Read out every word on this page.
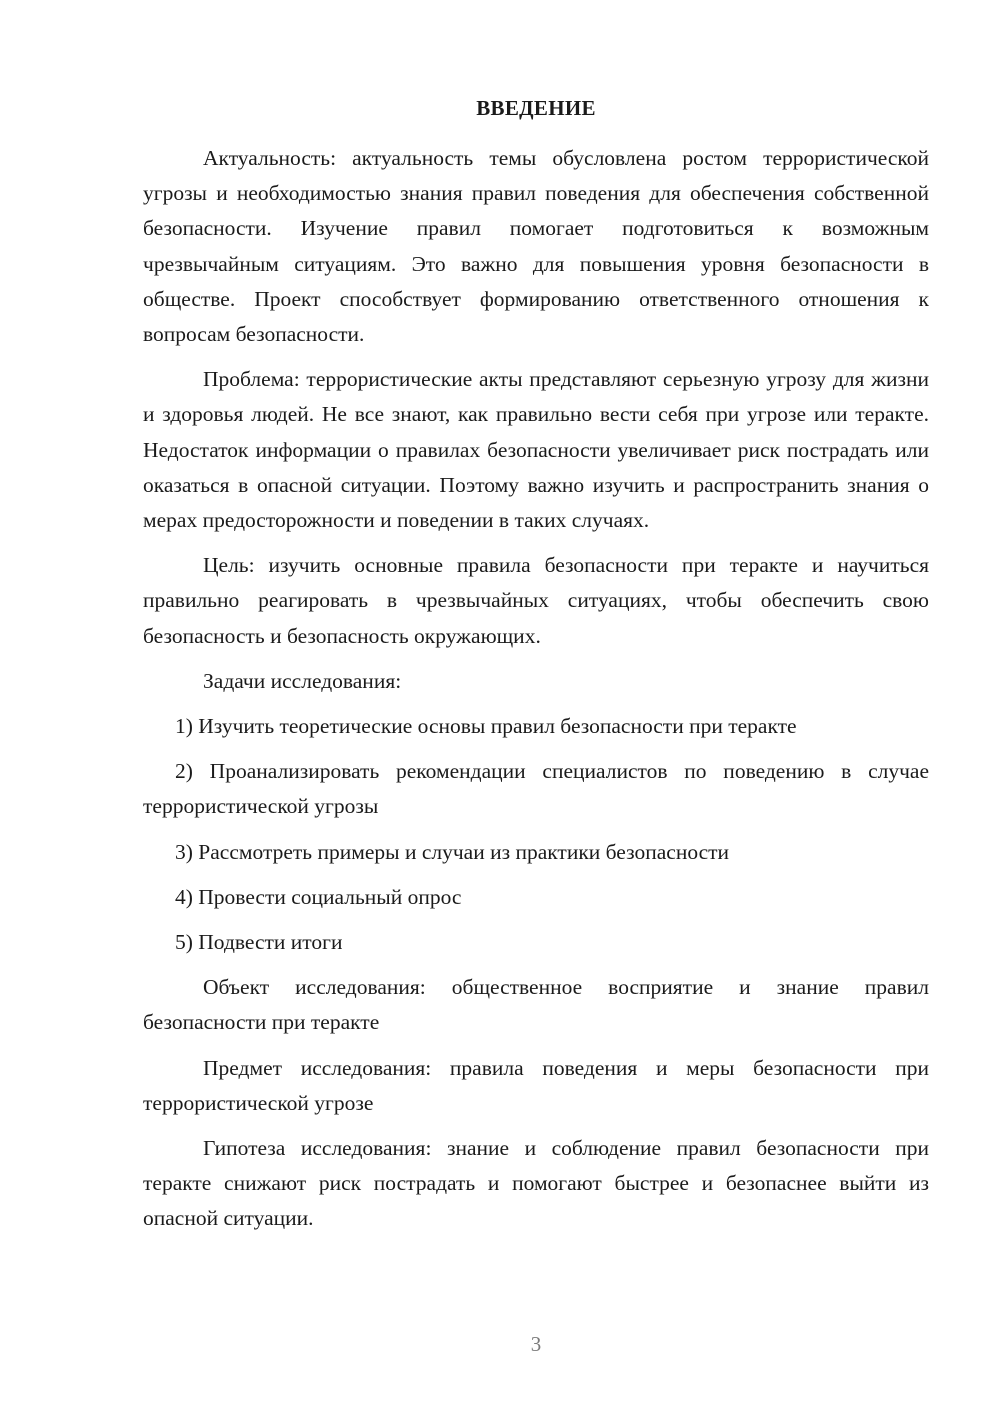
ВВЕДЕНИЕ

Актуальность: актуальность темы обусловлена ростом террористической угрозы и необходимостью знания правил поведения для обеспечения собственной безопасности. Изучение правил помогает подготовиться к возможным чрезвычайным ситуациям. Это важно для повышения уровня безопасности в обществе. Проект способствует формированию ответственного отношения к вопросам безопасности.

Проблема: террористические акты представляют серьезную угрозу для жизни и здоровья людей. Не все знают, как правильно вести себя при угрозе или теракте. Недостаток информации о правилах безопасности увеличивает риск пострадать или оказаться в опасной ситуации. Поэтому важно изучить и распространить знания о мерах предосторожности и поведении в таких случаях.

Цель: изучить основные правила безопасности при теракте и научиться правильно реагировать в чрезвычайных ситуациях, чтобы обеспечить свою безопасность и безопасность окружающих.

Задачи исследования:

1) Изучить теоретические основы правил безопасности при теракте

2) Проанализировать рекомендации специалистов по поведению в случае террористической угрозы

3) Рассмотреть примеры и случаи из практики безопасности

4) Провести социальный опрос

5) Подвести итоги

Объект исследования: общественное восприятие и знание правил безопасности при теракте

Предмет исследования: правила поведения и меры безопасности при террористической угрозе

Гипотеза исследования: знание и соблюдение правил безопасности при теракте снижают риск пострадать и помогают быстрее и безопаснее выйти из опасной ситуации.

3
